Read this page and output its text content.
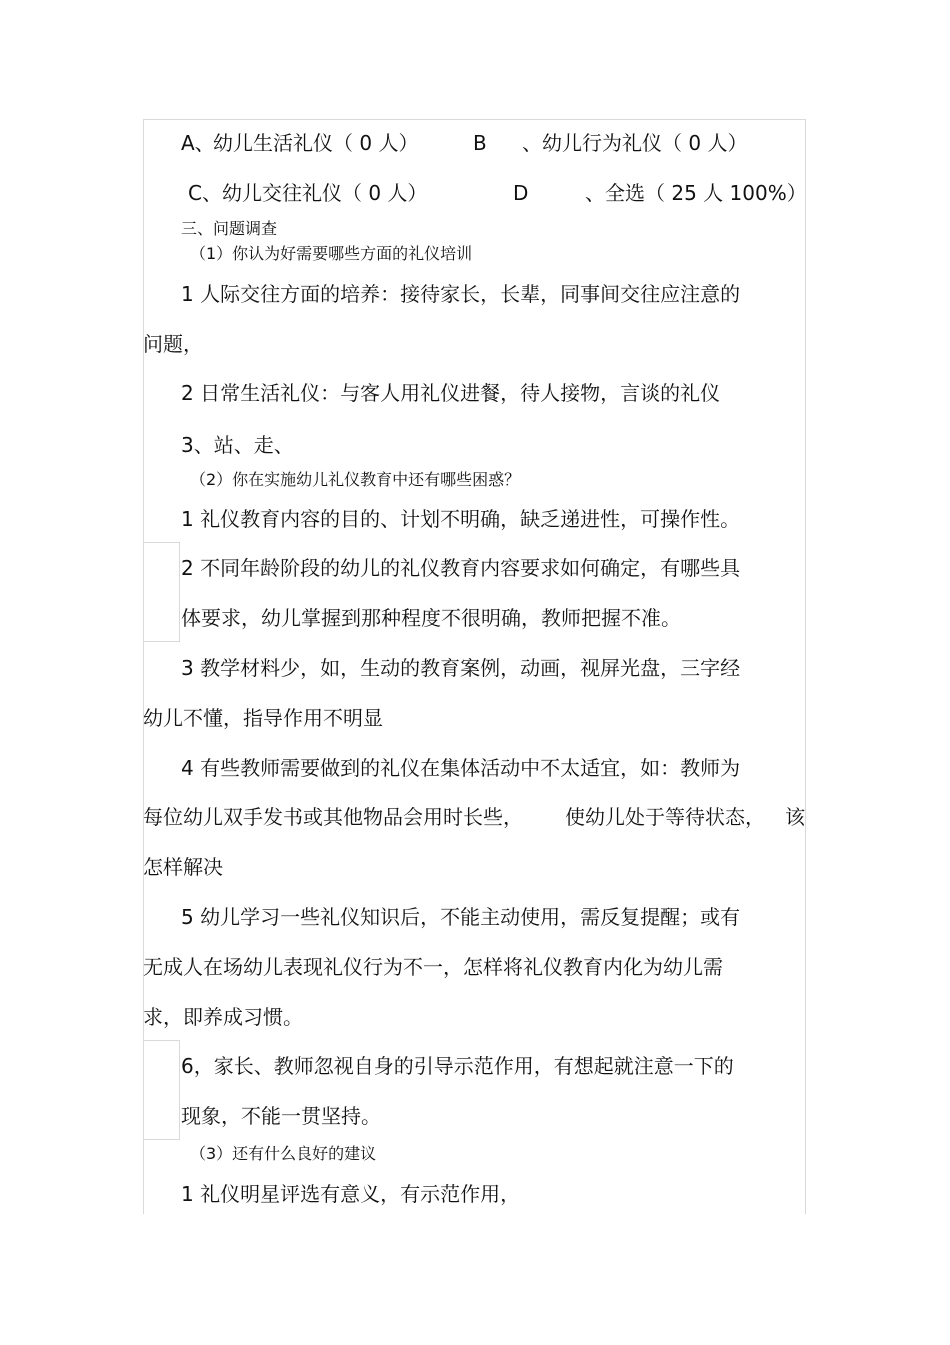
A、
幼儿生活礼仪（ 0 人）	B 、幼儿行为礼仪（ 0 人）
C、幼儿交往礼仪（ 0 人）	D	、全选（ 25 人 100%）
三、问题调查
（1）你认为好需要哪些方面的礼仪培训
1 人际交往方面的培养：接待家长，长辈，同事间交往应注意的
问题，
2 日常生活礼仪：与客人用礼仪进餐，待人接物，言谈的礼仪
3、站、走、
（2）你在实施幼儿礼仪教育中还有哪些困惑？
1 礼仪教育内容的目的、计划不明确，缺乏递进性，可操作性。
2 不同年龄阶段的幼儿的礼仪教育内容要求如何确定，有哪些具
体要求，幼儿掌握到那种程度不很明确，教师把握不准。
3 教学材料少，如，生动的教育案例，动画，视屏光盘，三字经
幼儿不懂，指导作用不明显
4 有些教师需要做到的礼仪在集体活动中不太适宜，如：教师为
每位幼儿双手发书或其他物品会用时长些， 使幼儿处于等待状态， 该
怎样解决
5 幼儿学习一些礼仪知识后，不能主动使用，需反复提醒；或有
无成人在场幼儿表现礼仪行为不一，怎样将礼仪教育内化为幼儿需
求，即养成习惯。
6，家长、教师忽视自身的引导示范作用，有想起就注意一下的
现象，不能一贯坚持。
（3）还有什么良好的建议
1 礼仪明星评选有意义，有示范作用，
